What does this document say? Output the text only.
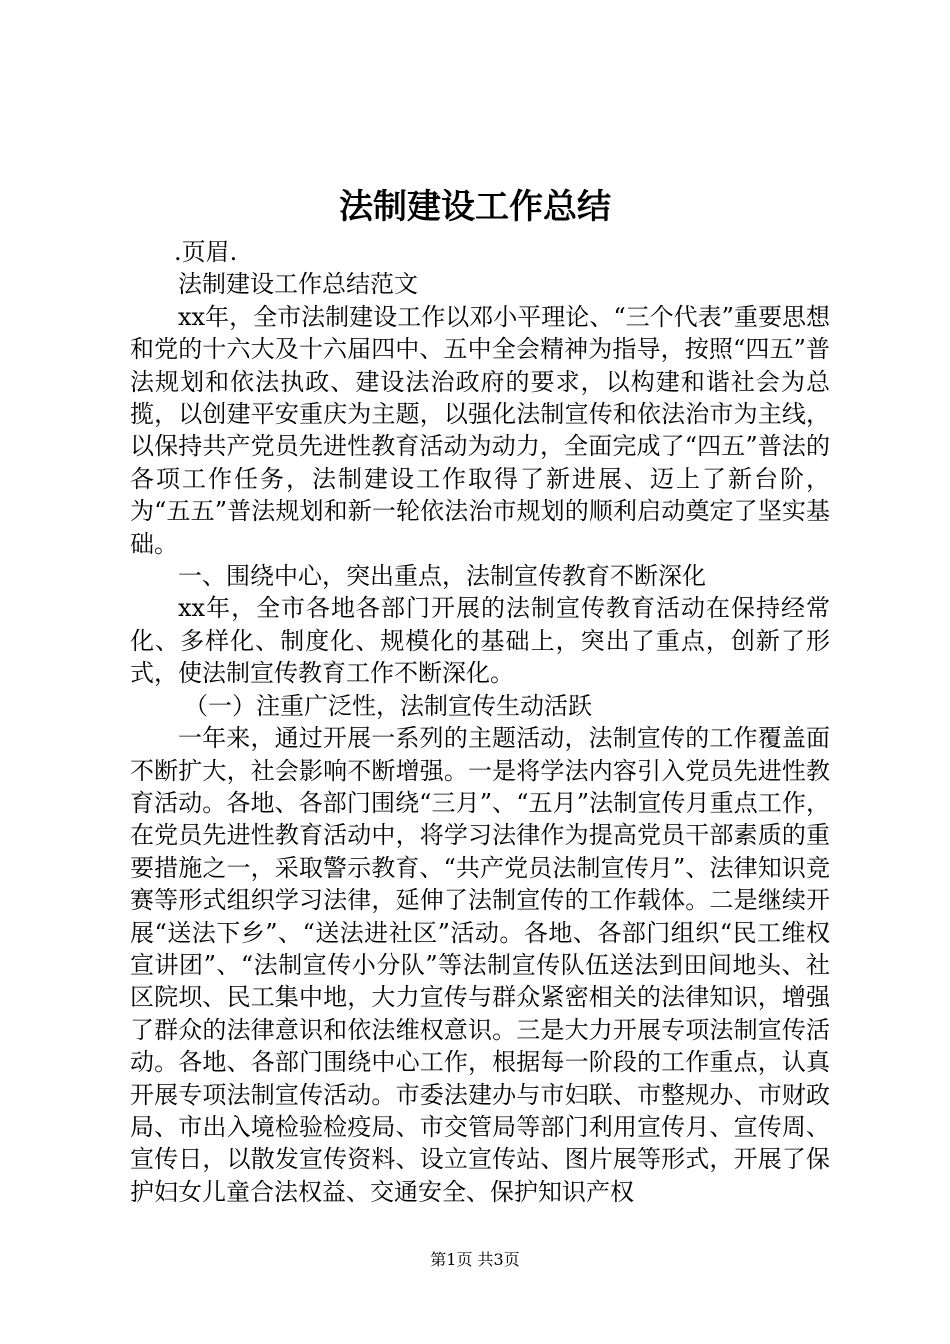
法制建设工作总结

.页眉.

法制建设工作总结范文

xx年，全市法制建设工作以邓小平理论、“三个代表”重要思想和党的十六大及十六届四中、五中全会精神为指导，按照“四五”普法规划和依法执政、建设法治政府的要求，以构建和谐社会为总揽，以创建平安重庆为主题，以强化法制宣传和依法治市为主线，以保持共产党员先进性教育活动为动力，全面完成了“四五”普法的各项工作任务，法制建设工作取得了新进展、迈上了新台阶，为“五五”普法规划和新一轮依法治市规划的顺利启动奠定了坚实基础。

一、围绕中心，突出重点，法制宣传教育不断深化

xx年，全市各地各部门开展的法制宣传教育活动在保持经常化、多样化、制度化、规模化的基础上，突出了重点，创新了形式，使法制宣传教育工作不断深化。

（一）注重广泛性，法制宣传生动活跃

一年来，通过开展一系列的主题活动，法制宣传的工作覆盖面不断扩大，社会影响不断增强。一是将学法内容引入党员先进性教育活动。各地、各部门围绕“三月”、“五月”法制宣传月重点工作，在党员先进性教育活动中，将学习法律作为提高党员干部素质的重要措施之一，采取警示教育、“共产党员法制宣传月”、法律知识竞赛等形式组织学习法律，延伸了法制宣传的工作载体。二是继续开展“送法下乡”、“送法进社区”活动。各地、各部门组织“民工维权宣讲团”、“法制宣传小分队”等法制宣传队伍送法到田间地头、社区院坝、民工集中地，大力宣传与群众紧密相关的法律知识，增强了群众的法律意识和依法维权意识。三是大力开展专项法制宣传活动。各地、各部门围绕中心工作，根据每一阶段的工作重点，认真开展专项法制宣传活动。市委法建办与市妇联、市整规办、市财政局、市出入境检验检疫局、市交管局等部门利用宣传月、宣传周、宣传日，以散发宣传资料、设立宣传站、图片展等形式，开展了保护妇女儿童合法权益、交通安全、保护知识产权

第1页 共3页
